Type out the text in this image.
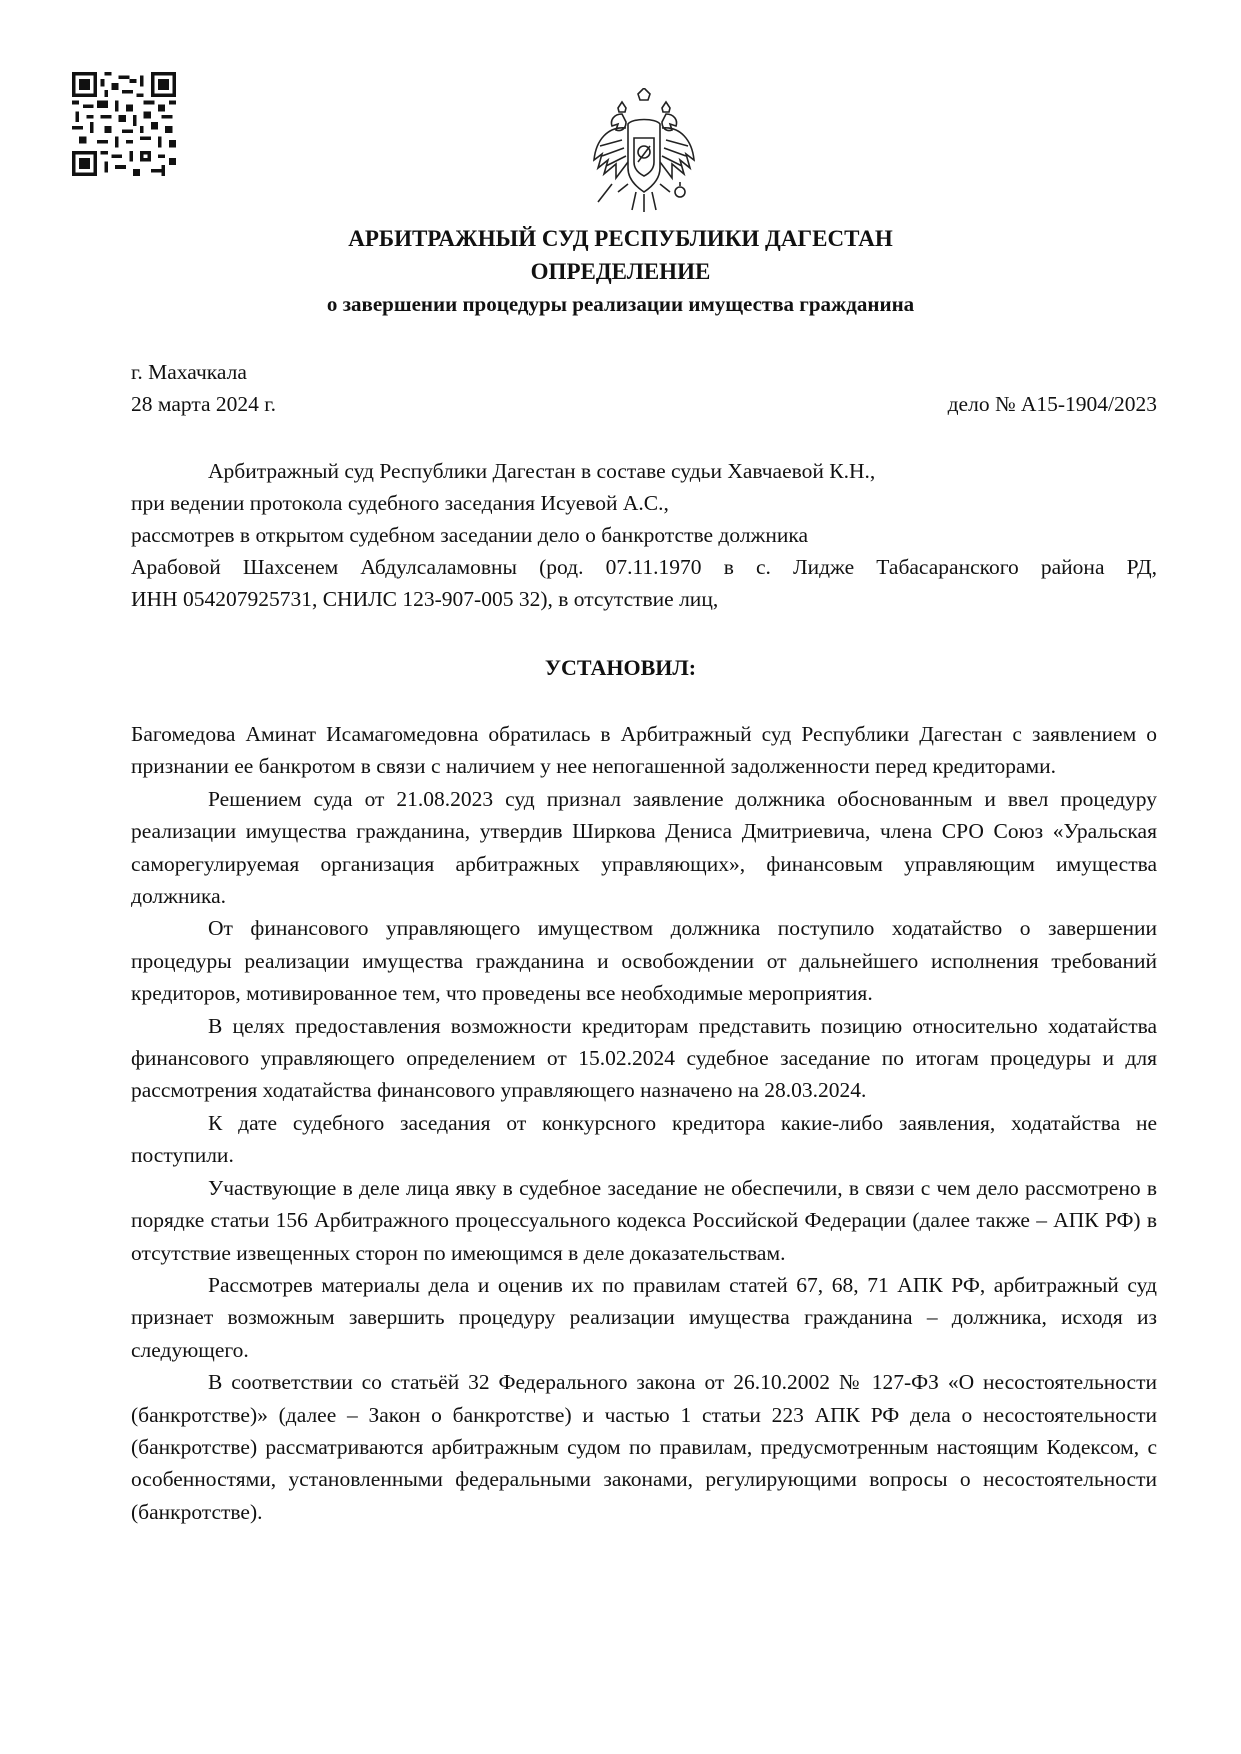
АРБИТРАЖНЫЙ СУД РЕСПУБЛИКИ ДАГЕСТАН
ОПРЕДЕЛЕНИЕ
о завершении процедуры реализации имущества гражданина
г. Махачкала
28 марта 2024 г.	дело № А15-1904/2023
Арбитражный суд Республики Дагестан в составе судьи Хавчаевой К.Н.,
при ведении протокола судебного заседания Исуевой А.С.,
рассмотрев в открытом судебном заседании дело о банкротстве должника
Арабовой Шахсенем Абдулсаламовны (род. 07.11.1970 в с. Лидже Табасаранского района РД,
ИНН 054207925731, СНИЛС 123-907-005 32), в отсутствие лиц,
УСТАНОВИЛ:

Багомедова Аминат Исамагомедовна обратилась в Арбитражный суд Республики Дагестан с заявлением о признании ее банкротом в связи с наличием у нее непогашенной задолженности перед кредиторами.

Решением суда от 21.08.2023 суд признал заявление должника обоснованным и ввел процедуру реализации имущества гражданина, утвердив Ширкова Дениса Дмитриевича, члена СРО Союз «Уральская саморегулируемая организация арбитражных управляющих», финансовым управляющим имущества должника.

От финансового управляющего имуществом должника поступило ходатайство о завершении процедуры реализации имущества гражданина и освобождении от дальнейшего исполнения требований кредиторов, мотивированное тем, что проведены все необходимые мероприятия.

В целях предоставления возможности кредиторам представить позицию относительно ходатайства финансового управляющего определением от 15.02.2024 судебное заседание по итогам процедуры и для рассмотрения ходатайства финансового управляющего назначено на 28.03.2024.

К дате судебного заседания от конкурсного кредитора какие-либо заявления, ходатайства не поступили.

Участвующие в деле лица явку в судебное заседание не обеспечили, в связи с чем дело рассмотрено в порядке статьи 156 Арбитражного процессуального кодекса Российской Федерации (далее также – АПК РФ) в отсутствие извещенных сторон по имеющимся в деле доказательствам.

Рассмотрев материалы дела и оценив их по правилам статей 67, 68, 71 АПК РФ, арбитражный суд признает возможным завершить процедуру реализации имущества гражданина – должника, исходя из следующего.

В соответствии со статьёй 32 Федерального закона от 26.10.2002 № 127-ФЗ «О несостоятельности (банкротстве)» (далее – Закон о банкротстве) и частью 1 статьи 223 АПК РФ дела о несостоятельности (банкротстве) рассматриваются арбитражным судом по правилам, предусмотренным настоящим Кодексом, с особенностями, установленными федеральными законами, регулирующими вопросы о несостоятельности (банкротстве).
